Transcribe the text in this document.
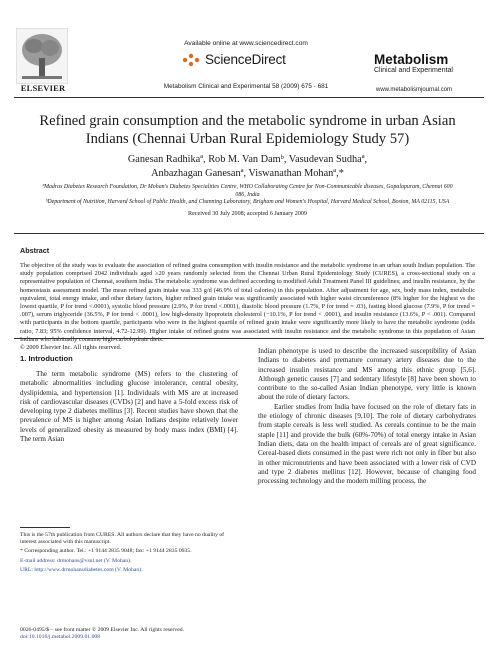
ELSEVIER
Available online at www.sciencedirect.com
ScienceDirect
Metabolism Clinical and Experimental 58 (2009) 675 - 681
Metabolism
Clinical and Experimental
www.metabolismjournal.com
Refined grain consumption and the metabolic syndrome in urban Asian Indians (Chennai Urban Rural Epidemiology Study 57)
Ganesan Radhikaª, Rob M. Van Damᵇ, Vasudevan Sudhaª,
Anbazhagan Ganesanª, Viswanathan Mohanª,*
ªMadras Diabetes Research Foundation, Dr Mohan's Diabetes Specialities Centre, WHO Collaborating Centre for Non-Communicable diseases, Gopalapuram, Chennai 600 086, India
ᵇDepartment of Nutrition, Harvard School of Public Health, and Channing Laboratory, Brigham and Women's Hospital, Harvard Medical School, Boston, MA 02115, USA
Received 30 July 2008; accepted 6 January 2009
Abstract
The objective of the study was to evaluate the association of refined grains consumption with insulin resistance and the metabolic syndrome in an urban south Indian population. The study population comprised 2042 individuals aged ≥20 years randomly selected from the Chennai Urban Rural Epidemiology Study (CURES), a cross-sectional study on a representative population of Chennai, southern India. The metabolic syndrome was defined according to modified Adult Treatment Panel III guidelines; and insulin resistance, by the homeostasis assessment model. The mean refined grain intake was 333 g/d (46.9% of total calories) in this population. After adjustment for age, sex, body mass index, metabolic equivalent, total energy intake, and other dietary factors, higher refined grain intake was significantly associated with higher waist circumference (8% higher for the highest vs the lowest quartile, P for trend <.0001), systolic blood pressure (2.9%, P for trend <.0001), diastolic blood pressure (1.7%, P for trend = .03), fasting blood glucose (7.9%, P for trend = .007), serum triglyceride (36.5%, P for trend < .0001), low high-density lipoprotein cholesterol (−10.1%, P for trend < .0001), and insulin resistance (13.6%, P < .001). Compared with participants in the bottom quartile, participants who were in the highest quartile of refined grain intake were significantly more likely to have the metabolic syndrome (odds ratio, 7.83; 95% confidence interval, 4.72-12.99). Higher intake of refined grains was associated with insulin resistance and the metabolic syndrome in this population of Asian Indians who habitually consume high-carbohydrate diets.
© 2009 Elsevier Inc. All rights reserved.
1. Introduction

The term metabolic syndrome (MS) refers to the clustering of metabolic abnormalities including glucose intolerance, central obesity, dyslipidemia, and hypertension [1]. Individuals with MS are at increased risk of cardiovascular diseases (CVDs) [2] and have a 5-fold excess risk of developing type 2 diabetes mellitus [3]. Recent studies have shown that the prevalence of MS is higher among Asian Indians despite relatively lower levels of generalized obesity as measured by body mass index (BMI) [4]. The term Asian

Indian phenotype is used to describe the increased susceptibility of Asian Indians to diabetes and premature coronary artery diseases due to the increased insulin resistance and MS among this ethnic group [5,6]. Although genetic causes [7] and sedentary lifestyle [8] have been shown to contribute to the so-called Asian Indian phenotype, very little is known about the role of dietary factors.

Earlier studies from India have focused on the role of dietary fats in the etiology of chronic diseases [9,10]. The role of dietary carbohydrates from staple cereals is less well studied. As cereals continue to be the main staple [11] and provide the bulk (60%-70%) of total energy intake in Asian Indian diets, data on the health impact of cereals are of great significance. Cereal-based diets consumed in the past were rich not only in fiber but also in other micronutrients and have been associated with a lower risk of CVD and type 2 diabetes mellitus [12]. However, because of changing food processing technology and the modern milling process, the

This is the 57th publication from CURES. All authors declare that they have no duality of interest associated with this manuscript.
* Corresponding author. Tel.: +1 9144 2835 9048; fax: +1 9144 2835 0935.
E-mail address: drmohans@vsnl.net (V. Mohan).
URL: http://www.drmohansdiabetes.com (V. Mohan).
0026-0495/$ – see front matter © 2009 Elsevier Inc. All rights reserved.
doi:10.1016/j.metabol.2009.01.008
